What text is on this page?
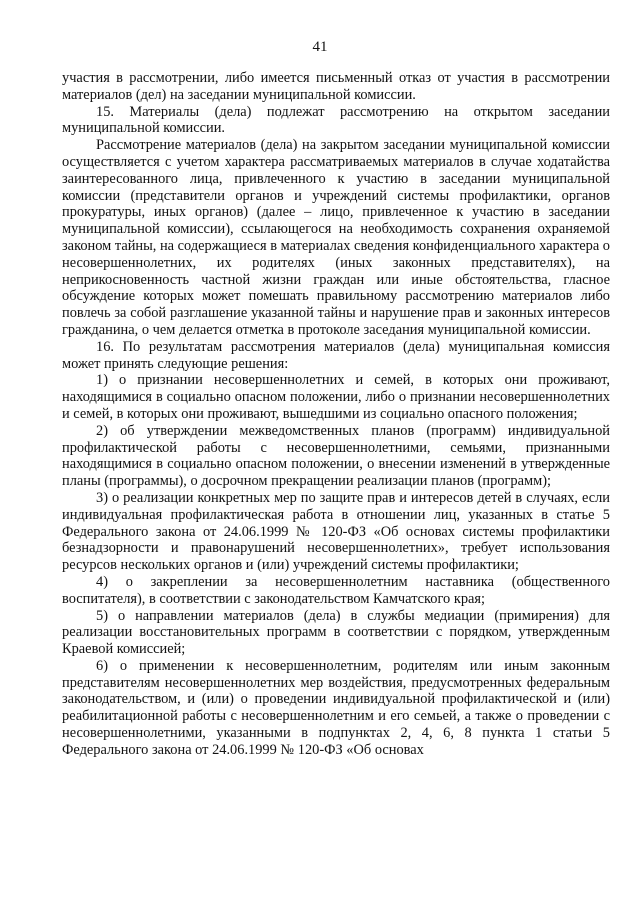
41

участия в рассмотрении, либо имеется письменный отказ от участия в рассмотрении материалов (дел) на заседании муниципальной комиссии.

15. Материалы (дела) подлежат рассмотрению на открытом заседании муниципальной комиссии.

Рассмотрение материалов (дела) на закрытом заседании муниципальной комиссии осуществляется с учетом характера рассматриваемых материалов в случае ходатайства заинтересованного лица, привлеченного к участию в заседании муниципальной комиссии (представители органов и учреждений системы профилактики, органов прокуратуры, иных органов) (далее – лицо, привлеченное к участию в заседании муниципальной комиссии), ссылающегося на необходимость сохранения охраняемой законом тайны, на содержащиеся в материалах сведения конфиденциального характера о несовершеннолетних, их родителях (иных законных представителях), на неприкосновенность частной жизни граждан или иные обстоятельства, гласное обсуждение которых может помешать правильному рассмотрению материалов либо повлечь за собой разглашение указанной тайны и нарушение прав и законных интересов гражданина, о чем делается отметка в протоколе заседания муниципальной комиссии.

16. По результатам рассмотрения материалов (дела) муниципальная комиссия может принять следующие решения:

1) о признании несовершеннолетних и семей, в которых они проживают, находящимися в социально опасном положении, либо о признании несовершеннолетних и семей, в которых они проживают, вышедшими из социально опасного положения;

2) об утверждении межведомственных планов (программ) индивидуальной профилактической работы с несовершеннолетними, семьями, признанными находящимися в социально опасном положении, о внесении изменений в утвержденные планы (программы), о досрочном прекращении реализации планов (программ);

3) о реализации конкретных мер по защите прав и интересов детей в случаях, если индивидуальная профилактическая работа в отношении лиц, указанных в статье 5 Федерального закона от 24.06.1999 № 120-ФЗ «Об основах системы профилактики безнадзорности и правонарушений несовершеннолетних», требует использования ресурсов нескольких органов и (или) учреждений системы профилактики;

4) о закреплении за несовершеннолетним наставника (общественного воспитателя), в соответствии с законодательством Камчатского края;

5) о направлении материалов (дела) в службы медиации (примирения) для реализации восстановительных программ в соответствии с порядком, утвержденным Краевой комиссией;

6) о применении к несовершеннолетним, родителям или иным законным представителям несовершеннолетних мер воздействия, предусмотренных федеральным законодательством, и (или) о проведении индивидуальной профилактической и (или) реабилитационной работы с несовершеннолетним и его семьей, а также о проведении с несовершеннолетними, указанными в подпунктах 2, 4, 6, 8 пункта 1 статьи 5 Федерального закона от 24.06.1999 № 120-ФЗ «Об основах
